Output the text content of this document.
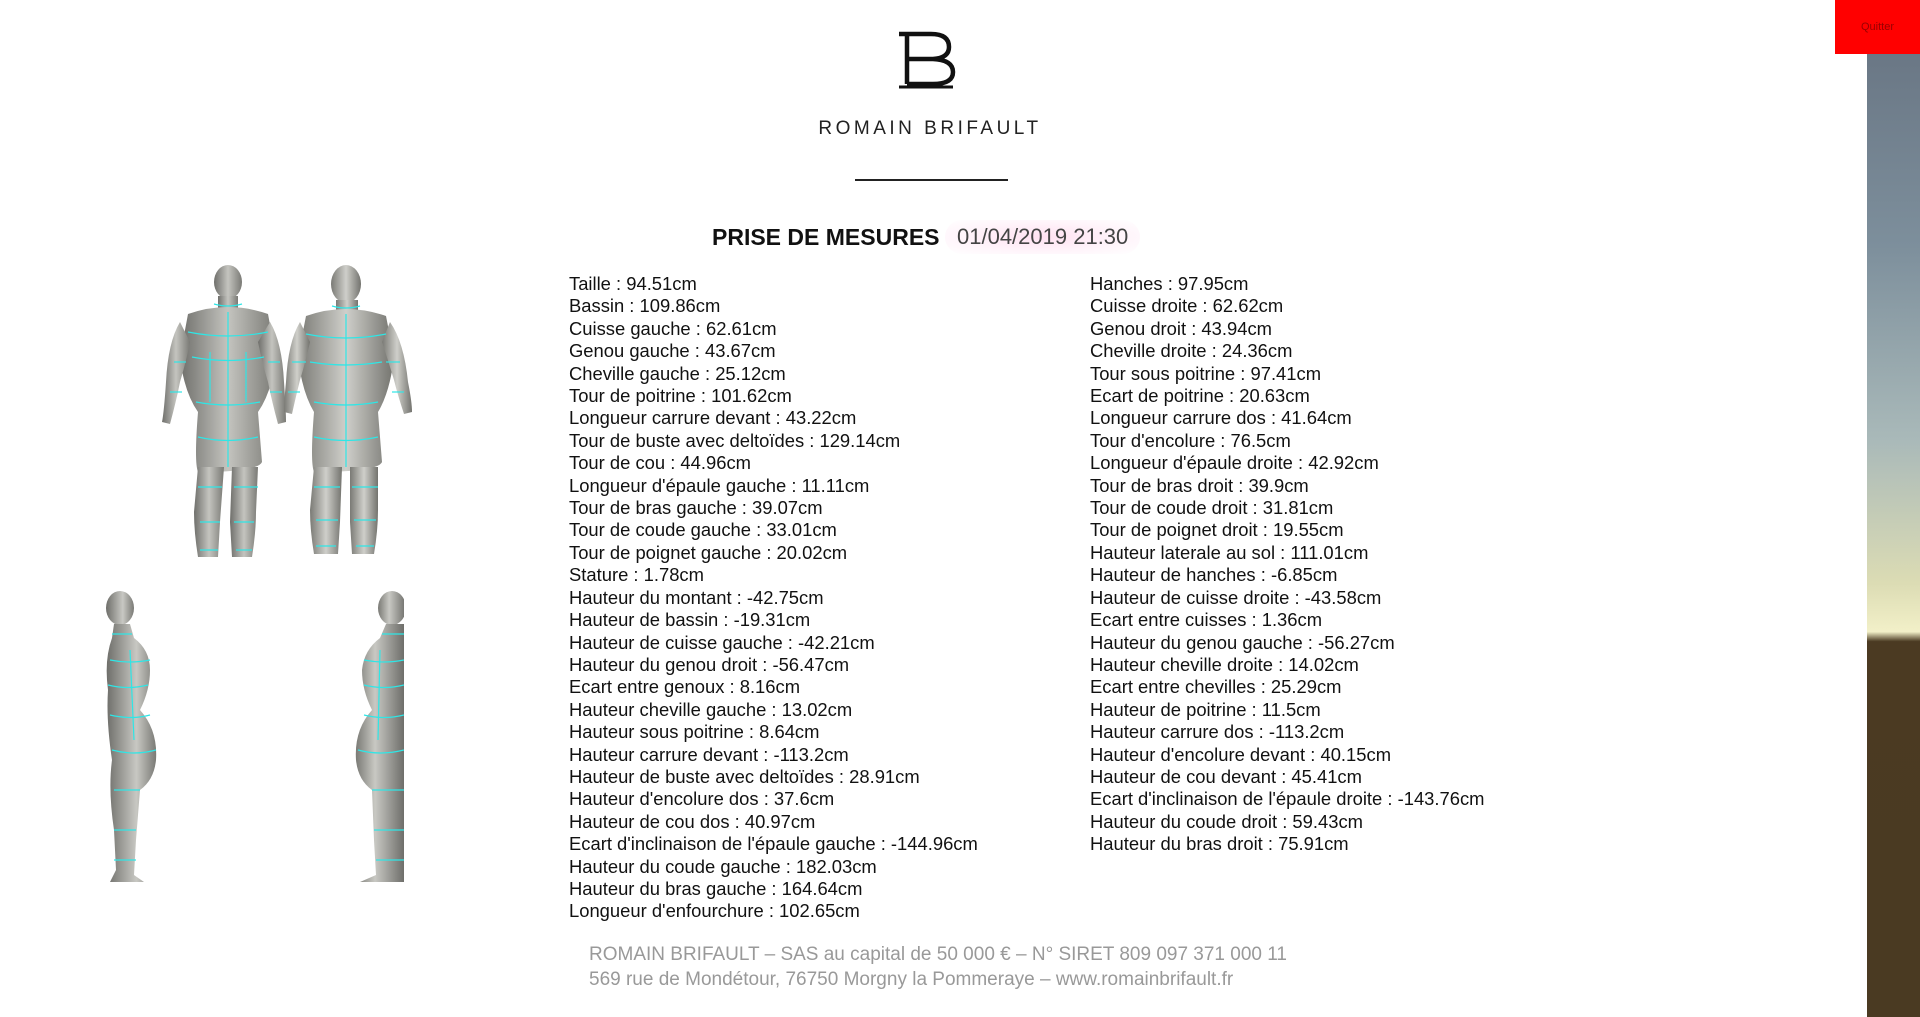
ROMAIN BRIFAULT
PRISE DE MESURES 01/04/2019 21:30
Taille : 94.51cm
Bassin : 109.86cm
Cuisse gauche : 62.61cm
Genou gauche : 43.67cm
Cheville gauche : 25.12cm
Tour de poitrine : 101.62cm
Longueur carrure devant : 43.22cm
Tour de buste avec deltoïdes : 129.14cm
Tour de cou : 44.96cm
Longueur d'épaule gauche : 11.11cm
Tour de bras gauche : 39.07cm
Tour de coude gauche : 33.01cm
Tour de poignet gauche : 20.02cm
Stature : 1.78cm
Hauteur du montant : -42.75cm
Hauteur de bassin : -19.31cm
Hauteur de cuisse gauche : -42.21cm
Hauteur du genou droit : -56.47cm
Ecart entre genoux : 8.16cm
Hauteur cheville gauche : 13.02cm
Hauteur sous poitrine : 8.64cm
Hauteur carrure devant : -113.2cm
Hauteur de buste avec deltoïdes : 28.91cm
Hauteur d'encolure dos : 37.6cm
Hauteur de cou dos : 40.97cm
Ecart d'inclinaison de l'épaule gauche : -144.96cm
Hauteur du coude gauche : 182.03cm
Hauteur du bras gauche : 164.64cm
Longueur d'enfourchure : 102.65cm
Hanches : 97.95cm
Cuisse droite : 62.62cm
Genou droit : 43.94cm
Cheville droite : 24.36cm
Tour sous poitrine : 97.41cm
Ecart de poitrine : 20.63cm
Longueur carrure dos : 41.64cm
Tour d'encolure : 76.5cm
Longueur d'épaule droite : 42.92cm
Tour de bras droit : 39.9cm
Tour de coude droit : 31.81cm
Tour de poignet droit : 19.55cm
Hauteur laterale au sol : 111.01cm
Hauteur de hanches : -6.85cm
Hauteur de cuisse droite : -43.58cm
Ecart entre cuisses : 1.36cm
Hauteur du genou gauche : -56.27cm
Hauteur cheville droite : 14.02cm
Ecart entre chevilles : 25.29cm
Hauteur de poitrine : 11.5cm
Hauteur carrure dos : -113.2cm
Hauteur d'encolure devant : 40.15cm
Hauteur de cou devant : 45.41cm
Ecart d'inclinaison de l'épaule droite : -143.76cm
Hauteur du coude droit : 59.43cm
Hauteur du bras droit : 75.91cm
ROMAIN BRIFAULT – SAS au capital de 50 000 € – N° SIRET 809 097 371 000 11
569 rue de Mondétour, 76750 Morgny la Pommeraye – www.romainbrifault.fr
Quitter
